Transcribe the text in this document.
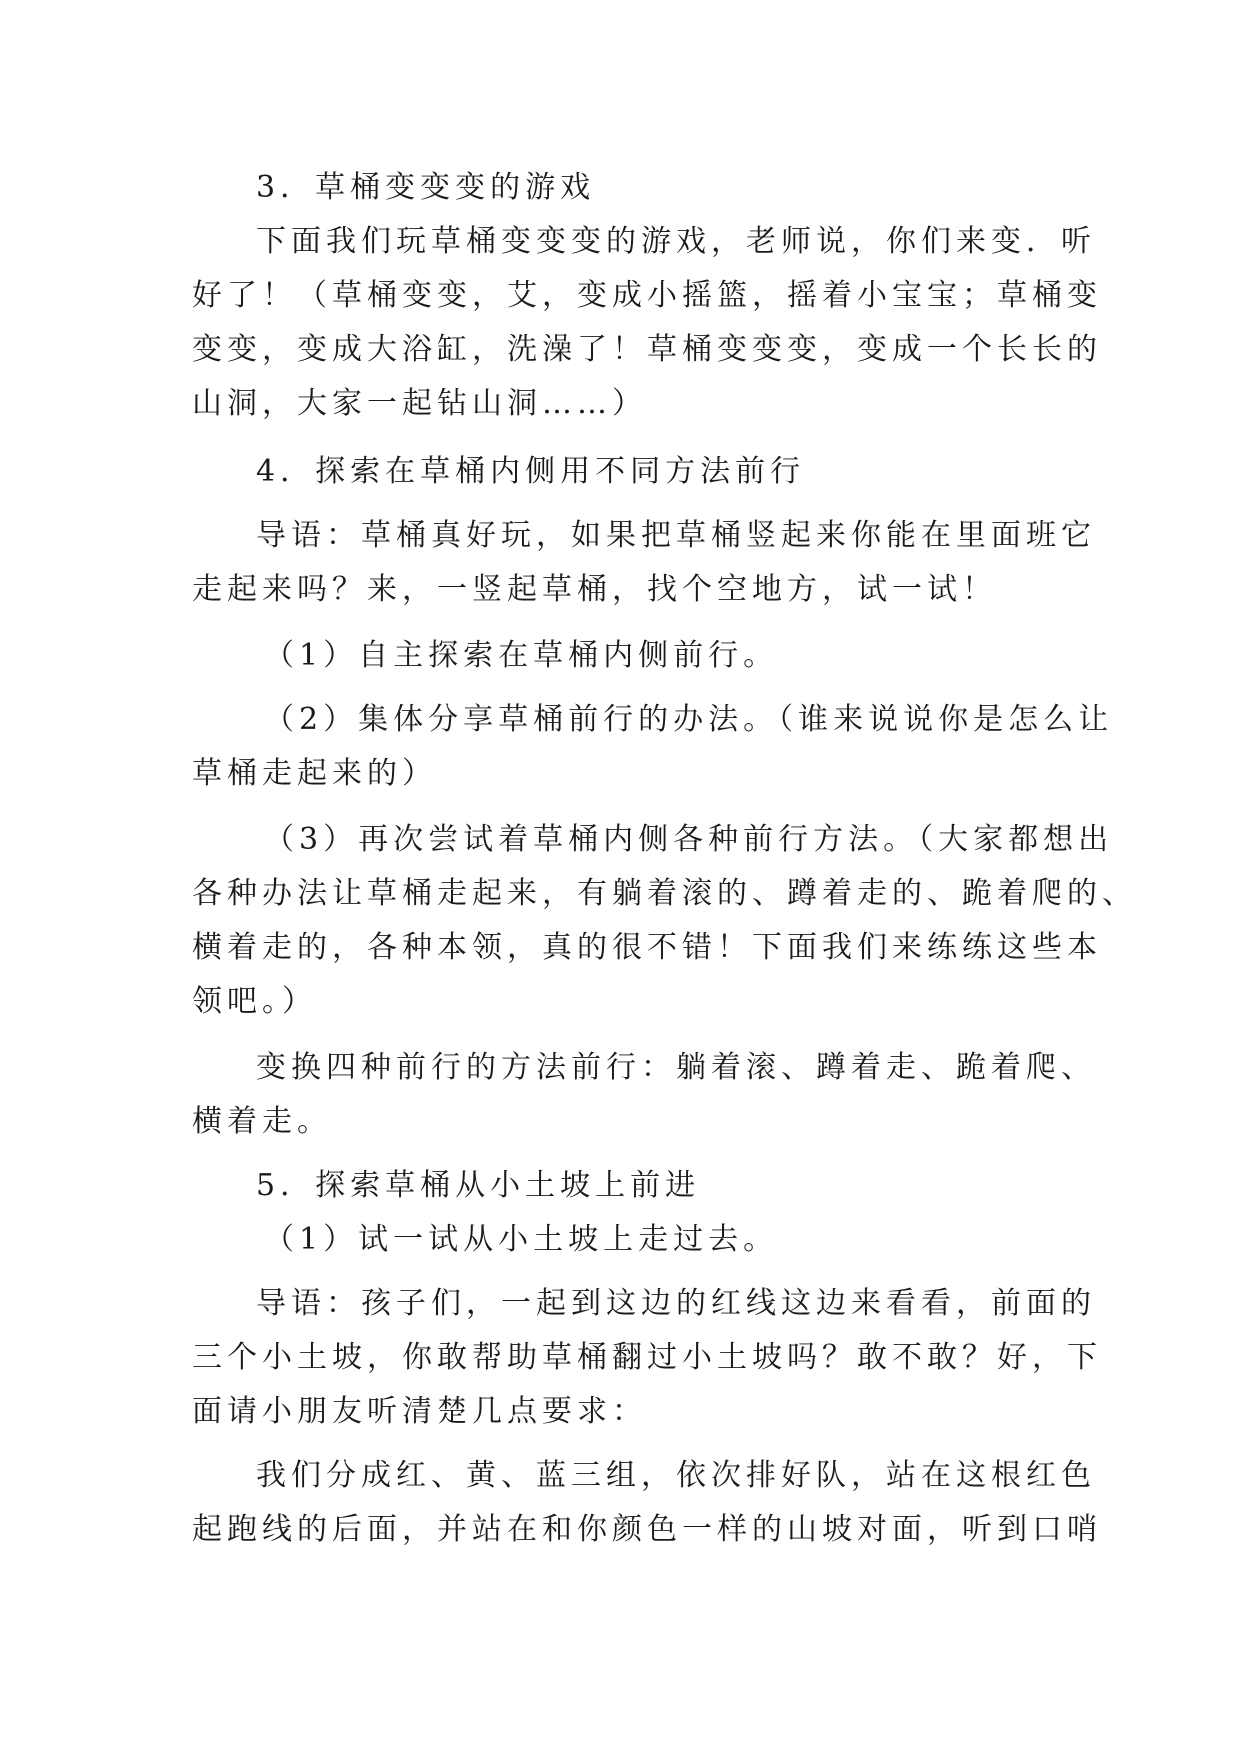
3．草桶变变变的游戏
下面我们玩草桶变变变的游戏，老师说，你们来变．听
好了！（草桶变变，艾，变成小摇篮，摇着小宝宝；草桶变
变变，变成大浴缸，洗澡了！草桶变变变，变成一个长长的
山洞，大家一起钻山洞……）
4．探索在草桶内侧用不同方法前行
导语：草桶真好玩，如果把草桶竖起来你能在里面班它
走起来吗？来，一竖起草桶，找个空地方，试一试！
（1）自主探索在草桶内侧前行。
（2）集体分享草桶前行的办法。（谁来说说你是怎么让
草桶走起来的）
（3）再次尝试着草桶内侧各种前行方法。（大家都想出
各种办法让草桶走起来，有躺着滚的、蹲着走的、跪着爬的、
横着走的，各种本领，真的很不错！下面我们来练练这些本
领吧。）
变换四种前行的方法前行：躺着滚、蹲着走、跪着爬、
横着走。
5．探索草桶从小土坡上前进
（1）试一试从小土坡上走过去。
导语：孩子们，一起到这边的红线这边来看看，前面的
三个小土坡，你敢帮助草桶翻过小土坡吗？敢不敢？好，下
面请小朋友听清楚几点要求：
我们分成红、黄、蓝三组，依次排好队，站在这根红色
起跑线的后面，并站在和你颜色一样的山坡对面，听到口哨
